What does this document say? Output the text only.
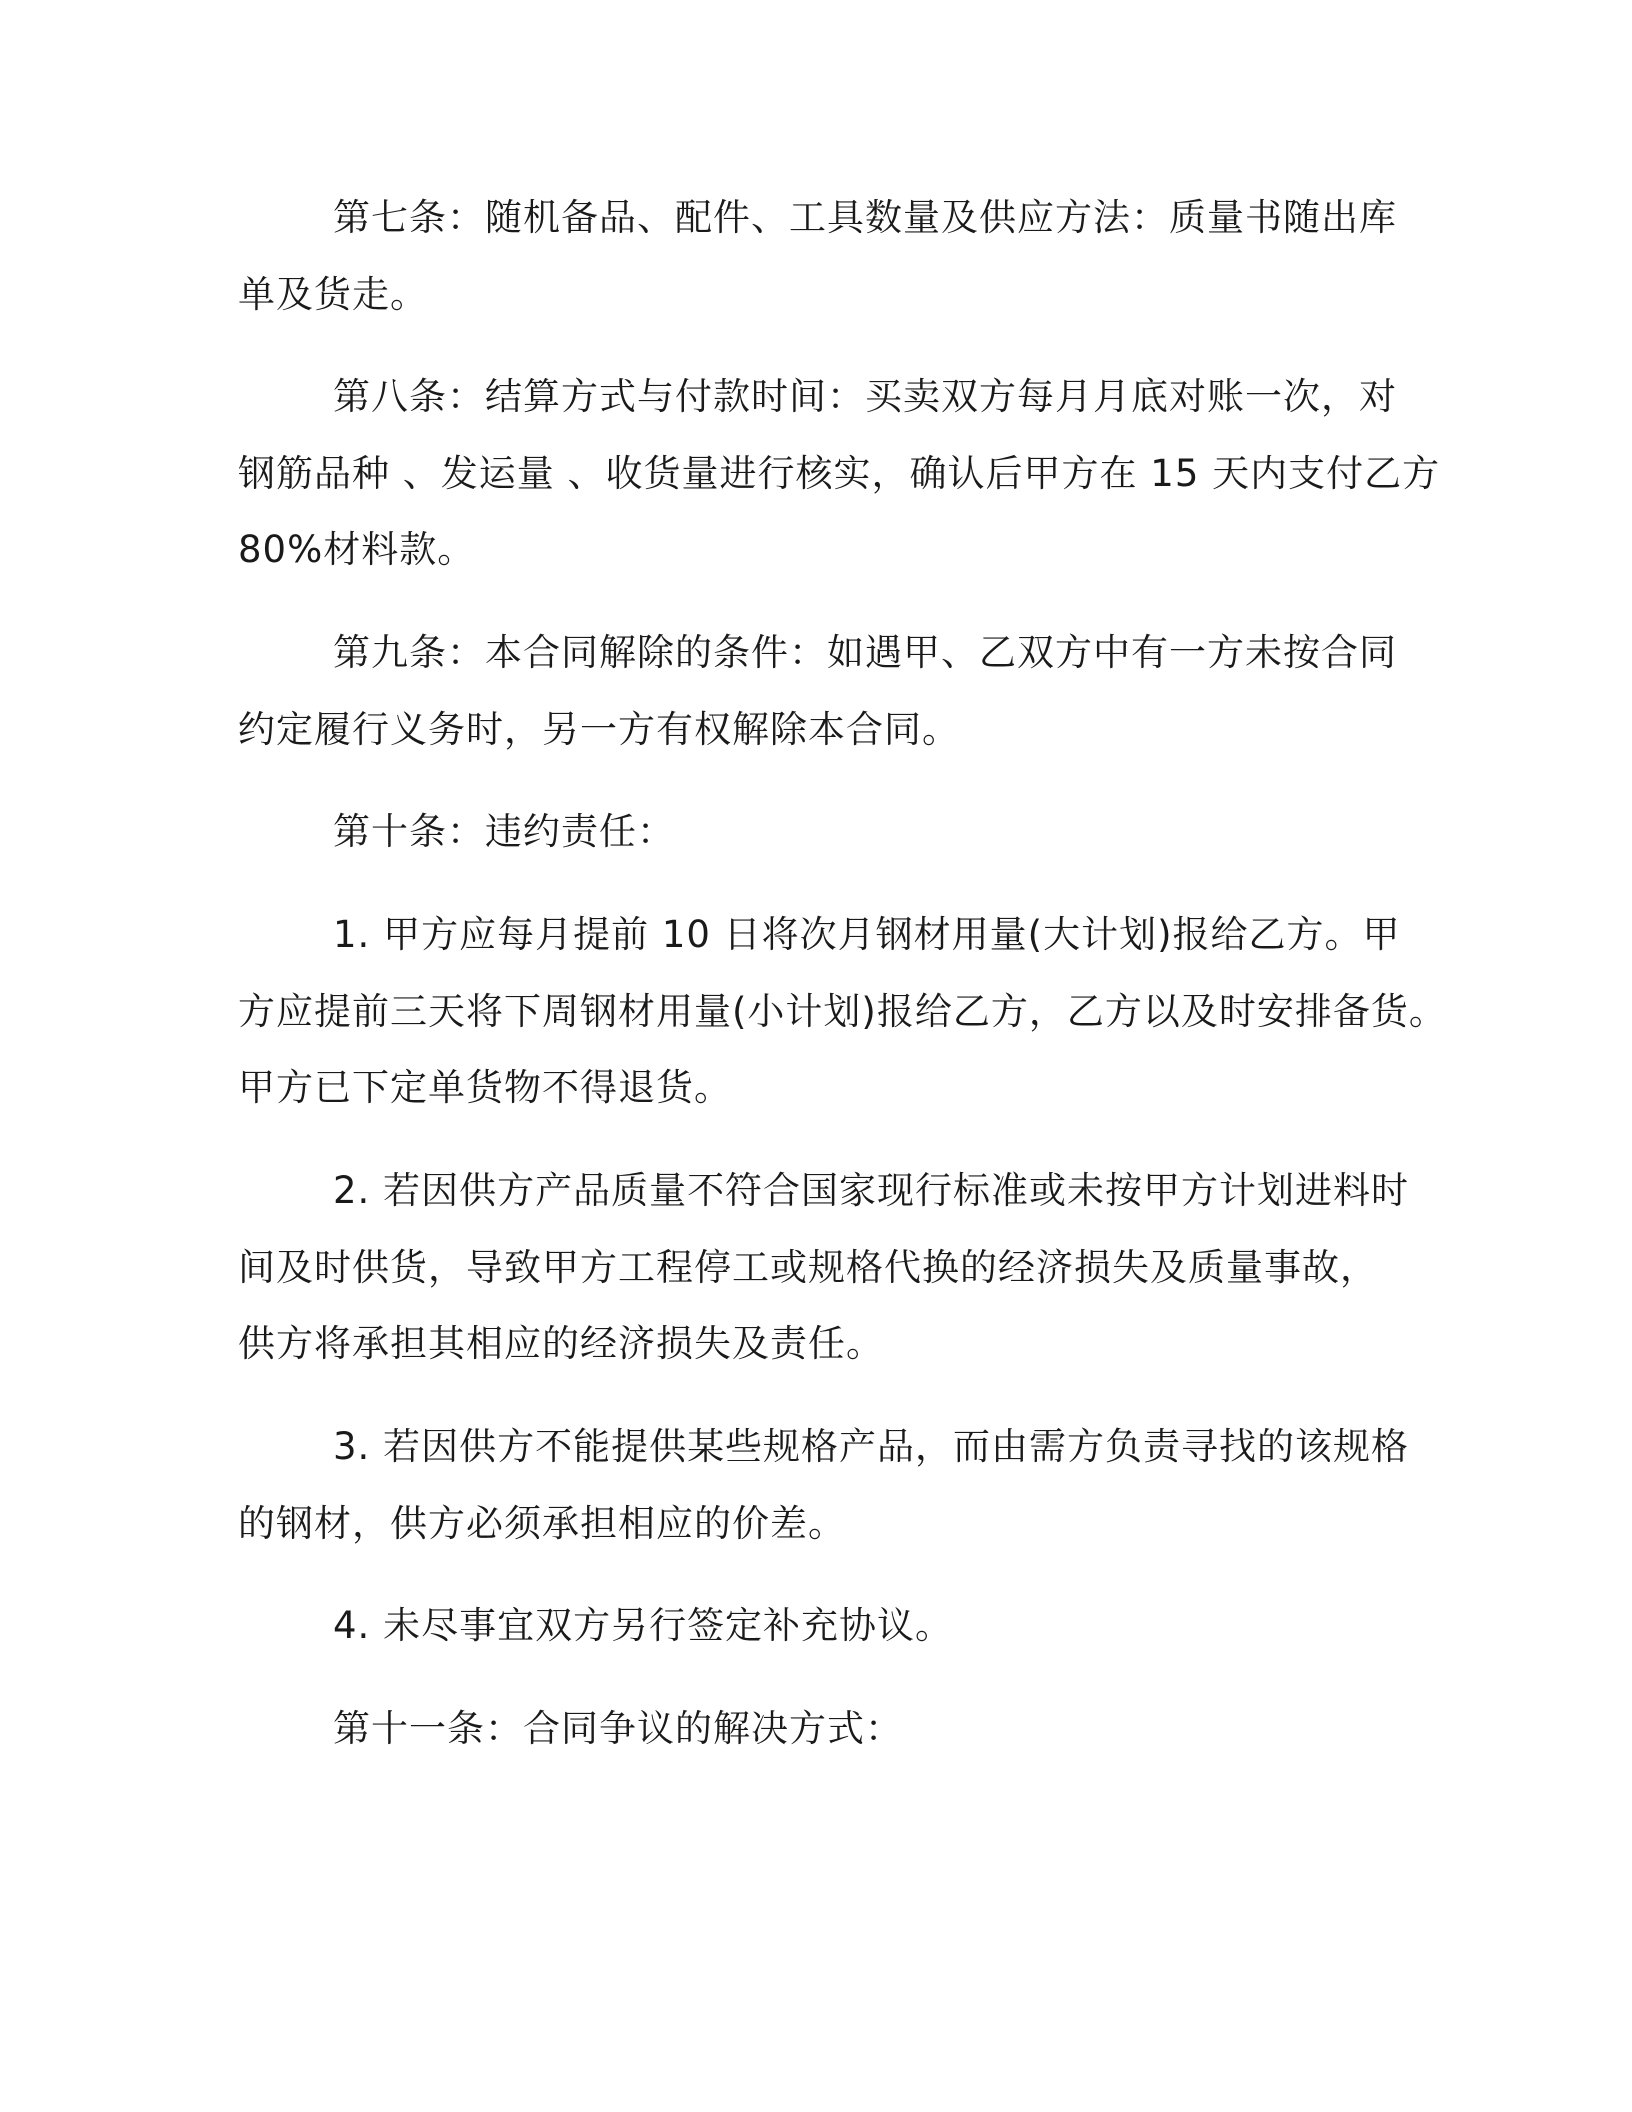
第七条：随机备品、配件、工具数量及供应方法：质量书随出库

单及货走。

第八条：结算方式与付款时间：买卖双方每月月底对账一次，对

钢筋品种 、发运量 、收货量进行核实，确认后甲方在 15 天内支付乙方

80%材料款。

第九条：本合同解除的条件：如遇甲、乙双方中有一方未按合同

约定履行义务时，另一方有权解除本合同。

第十条：违约责任：

1. 甲方应每月提前 10 日将次月钢材用量(大计划)报给乙方。甲

方应提前三天将下周钢材用量(小计划)报给乙方，乙方以及时安排备货。

甲方已下定单货物不得退货。

2. 若因供方产品质量不符合国家现行标准或未按甲方计划进料时

间及时供货，导致甲方工程停工或规格代换的经济损失及质量事故，

供方将承担其相应的经济损失及责任。

3. 若因供方不能提供某些规格产品，而由需方负责寻找的该规格

的钢材，供方必须承担相应的价差。

4. 未尽事宜双方另行签定补充协议。

第十一条：合同争议的解决方式：
